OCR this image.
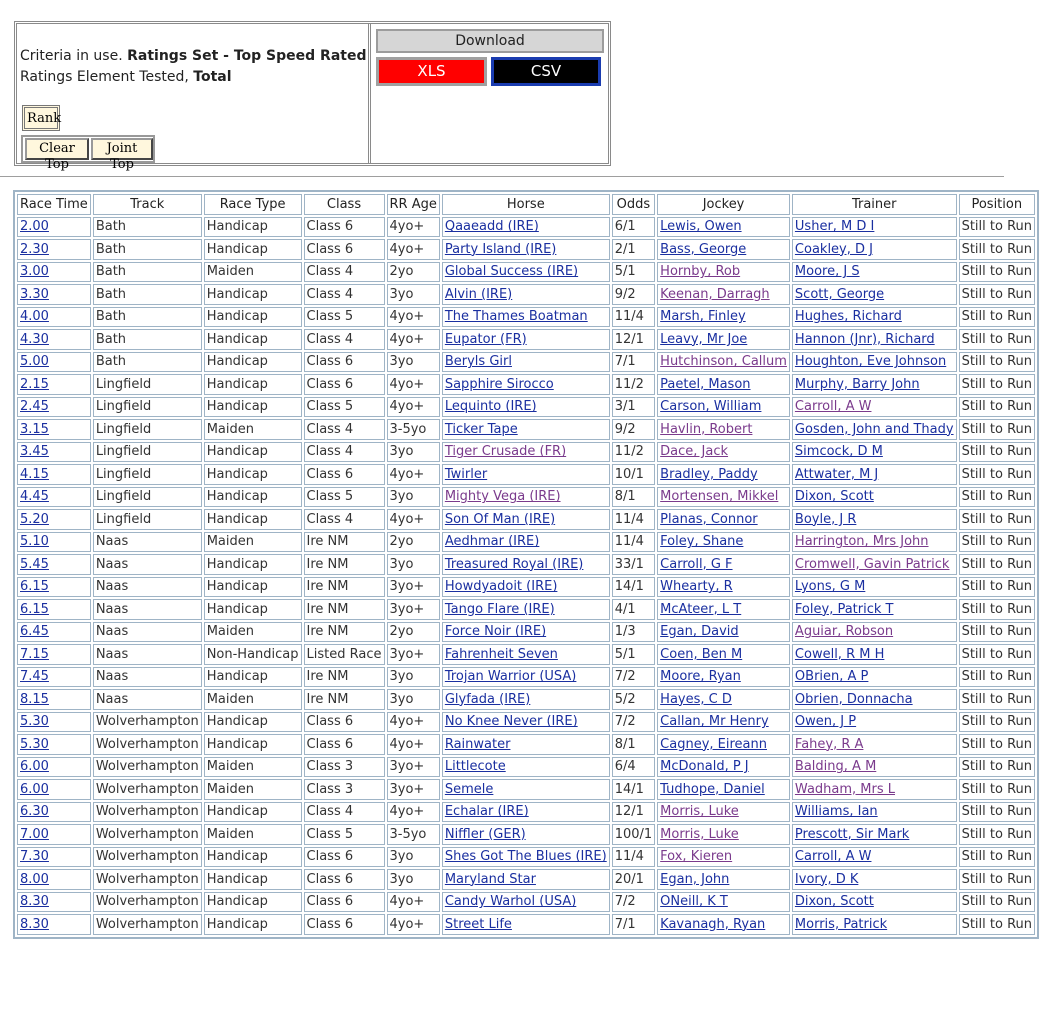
Criteria in use. Ratings Set - Top Speed Rated
Ratings Element Tested, Total
Rank
Clear Top
Joint Top
Download
XLS	CSV
Race Time	Track	Race Type	Class	RR Age	Horse	Odds	Jockey	Trainer	Position
2.00	Bath	Handicap	Class 6	4yo+	Qaaeadd (IRE)	6/1	Lewis, Owen	Usher, M D I	Still to Run
2.30	Bath	Handicap	Class 6	4yo+	Party Island (IRE)	2/1	Bass, George	Coakley, D J	Still to Run
3.00	Bath	Maiden	Class 4	2yo	Global Success (IRE)	5/1	Hornby, Rob	Moore, J S	Still to Run
3.30	Bath	Handicap	Class 4	3yo	Alvin (IRE)	9/2	Keenan, Darragh	Scott, George	Still to Run
4.00	Bath	Handicap	Class 5	4yo+	The Thames Boatman	11/4	Marsh, Finley	Hughes, Richard	Still to Run
4.30	Bath	Handicap	Class 4	4yo+	Eupator (FR)	12/1	Leavy, Mr Joe	Hannon (Jnr), Richard	Still to Run
5.00	Bath	Handicap	Class 6	3yo	Beryls Girl	7/1	Hutchinson, Callum	Houghton, Eve Johnson	Still to Run
2.15	Lingfield	Handicap	Class 6	4yo+	Sapphire Sirocco	11/2	Paetel, Mason	Murphy, Barry John	Still to Run
2.45	Lingfield	Handicap	Class 5	4yo+	Lequinto (IRE)	3/1	Carson, William	Carroll, A W	Still to Run
3.15	Lingfield	Maiden	Class 4	3-5yo	Ticker Tape	9/2	Havlin, Robert	Gosden, John and Thady	Still to Run
3.45	Lingfield	Handicap	Class 4	3yo	Tiger Crusade (FR)	11/2	Dace, Jack	Simcock, D M	Still to Run
4.15	Lingfield	Handicap	Class 6	4yo+	Twirler	10/1	Bradley, Paddy	Attwater, M J	Still to Run
4.45	Lingfield	Handicap	Class 5	3yo	Mighty Vega (IRE)	8/1	Mortensen, Mikkel	Dixon, Scott	Still to Run
5.20	Lingfield	Handicap	Class 4	4yo+	Son Of Man (IRE)	11/4	Planas, Connor	Boyle, J R	Still to Run
5.10	Naas	Maiden	Ire NM	2yo	Aedhmar (IRE)	11/4	Foley, Shane	Harrington, Mrs John	Still to Run
5.45	Naas	Handicap	Ire NM	3yo	Treasured Royal (IRE)	33/1	Carroll, G F	Cromwell, Gavin Patrick	Still to Run
6.15	Naas	Handicap	Ire NM	3yo+	Howdyadoit (IRE)	14/1	Whearty, R	Lyons, G M	Still to Run
6.15	Naas	Handicap	Ire NM	3yo+	Tango Flare (IRE)	4/1	McAteer, L T	Foley, Patrick T	Still to Run
6.45	Naas	Maiden	Ire NM	2yo	Force Noir (IRE)	1/3	Egan, David	Aguiar, Robson	Still to Run
7.15	Naas	Non-Handicap	Listed Race	3yo+	Fahrenheit Seven	5/1	Coen, Ben M	Cowell, R M H	Still to Run
7.45	Naas	Handicap	Ire NM	3yo	Trojan Warrior (USA)	7/2	Moore, Ryan	OBrien, A P	Still to Run
8.15	Naas	Maiden	Ire NM	3yo	Glyfada (IRE)	5/2	Hayes, C D	Obrien, Donnacha	Still to Run
5.30	Wolverhampton	Handicap	Class 6	4yo+	No Knee Never (IRE)	7/2	Callan, Mr Henry	Owen, J P	Still to Run
5.30	Wolverhampton	Handicap	Class 6	4yo+	Rainwater	8/1	Cagney, Eireann	Fahey, R A	Still to Run
6.00	Wolverhampton	Maiden	Class 3	3yo+	Littlecote	6/4	McDonald, P J	Balding, A M	Still to Run
6.00	Wolverhampton	Maiden	Class 3	3yo+	Semele	14/1	Tudhope, Daniel	Wadham, Mrs L	Still to Run
6.30	Wolverhampton	Handicap	Class 4	4yo+	Echalar (IRE)	12/1	Morris, Luke	Williams, Ian	Still to Run
7.00	Wolverhampton	Maiden	Class 5	3-5yo	Niffler (GER)	100/1	Morris, Luke	Prescott, Sir Mark	Still to Run
7.30	Wolverhampton	Handicap	Class 6	3yo	Shes Got The Blues (IRE)	11/4	Fox, Kieren	Carroll, A W	Still to Run
8.00	Wolverhampton	Handicap	Class 6	3yo	Maryland Star	20/1	Egan, John	Ivory, D K	Still to Run
8.30	Wolverhampton	Handicap	Class 6	4yo+	Candy Warhol (USA)	7/2	ONeill, K T	Dixon, Scott	Still to Run
8.30	Wolverhampton	Handicap	Class 6	4yo+	Street Life	7/1	Kavanagh, Ryan	Morris, Patrick	Still to Run
